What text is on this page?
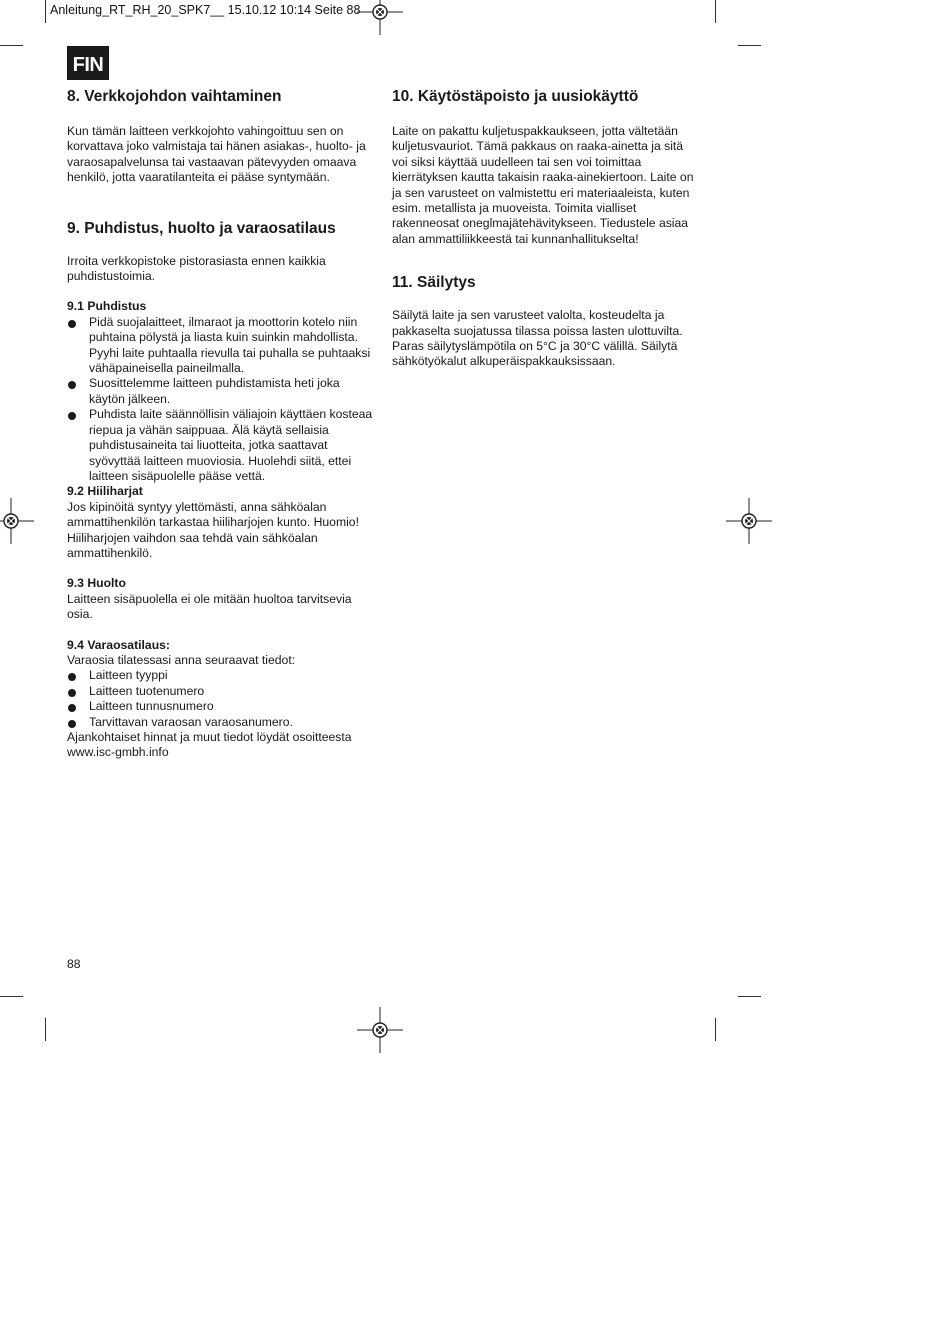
Anleitung_RT_RH_20_SPK7__ 15.10.12 10:14 Seite 88
FIN
8. Verkkojohdon vaihtaminen

Kun tämän laitteen verkkojohto vahingoittuu sen on korvattava joko valmistaja tai hänen asiakas-, huolto- ja varaosapalvelunsa tai vastaavan pätevyyden omaava henkilö, jotta vaaratilanteita ei pääse syntymään.

9. Puhdistus, huolto ja varaosatilaus

Irroita verkkopistoke pistorasiasta ennen kaikkia puhdistustoimia.

9.1 Puhdistus

Pidä suojalaitteet, ilmaraot ja moottorin kotelo niin puhtaina pölystä ja liasta kuin suinkin mahdollista. Pyyhi laite puhtaalla rievulla tai puhalla se puhtaaksi vähäpaineisella paineilmalla.
Suosittelemme laitteen puhdistamista heti joka käytön jälkeen.
Puhdista laite säännöllisin väliajoin käyttäen kosteaa riepua ja vähän saippuaa. Älä käytä sellaisia puhdistusaineita tai liuotteita, jotka saattavat syövyttää laitteen muoviosia. Huolehdi siitä, ettei laitteen sisäpuolelle pääse vettä.

9.2 Hiiliharjat

Jos kipinöitä syntyy ylettömästi, anna sähköalan ammattihenkilön tarkastaa hiiliharjojen kunto. Huomio! Hiiliharjojen vaihdon saa tehdä vain sähköalan ammattihenkilö.

9.3 Huolto

Laitteen sisäpuolella ei ole mitään huoltoa tarvitsevia osia.

9.4 Varaosatilaus:

Varaosia tilatessasi anna seuraavat tiedot:

Laitteen tyyppi
Laitteen tuotenumero
Laitteen tunnusnumero
Tarvittavan varaosan varaosanumero.

Ajankohtaiset hinnat ja muut tiedot löydät osoitteesta www.isc-gmbh.info

10. Käytöstäpoisto ja uusiokäyttö

Laite on pakattu kuljetuspakkaukseen, jotta vältetään kuljetusvauriot. Tämä pakkaus on raaka-ainetta ja sitä voi siksi käyttää uudelleen tai sen voi toimittaa kierrätyksen kautta takaisin raaka-ainekiertoon. Laite on ja sen varusteet on valmistettu eri materiaaleista, kuten esim. metallista ja muoveista. Toimita vialliset rakenneosat oneglmajätehävitykseen. Tiedustele asiaa alan ammattiliikkeestä tai kunnanhallitukselta!

11. Säilytys

Säilytä laite ja sen varusteet valolta, kosteudelta ja pakkaselta suojatussa tilassa poissa lasten ulottuvilta. Paras säilytyslämpötila on 5°C ja 30°C välillä. Säilytä sähkötyökalut alkuperäispakkauksissaan.

88
